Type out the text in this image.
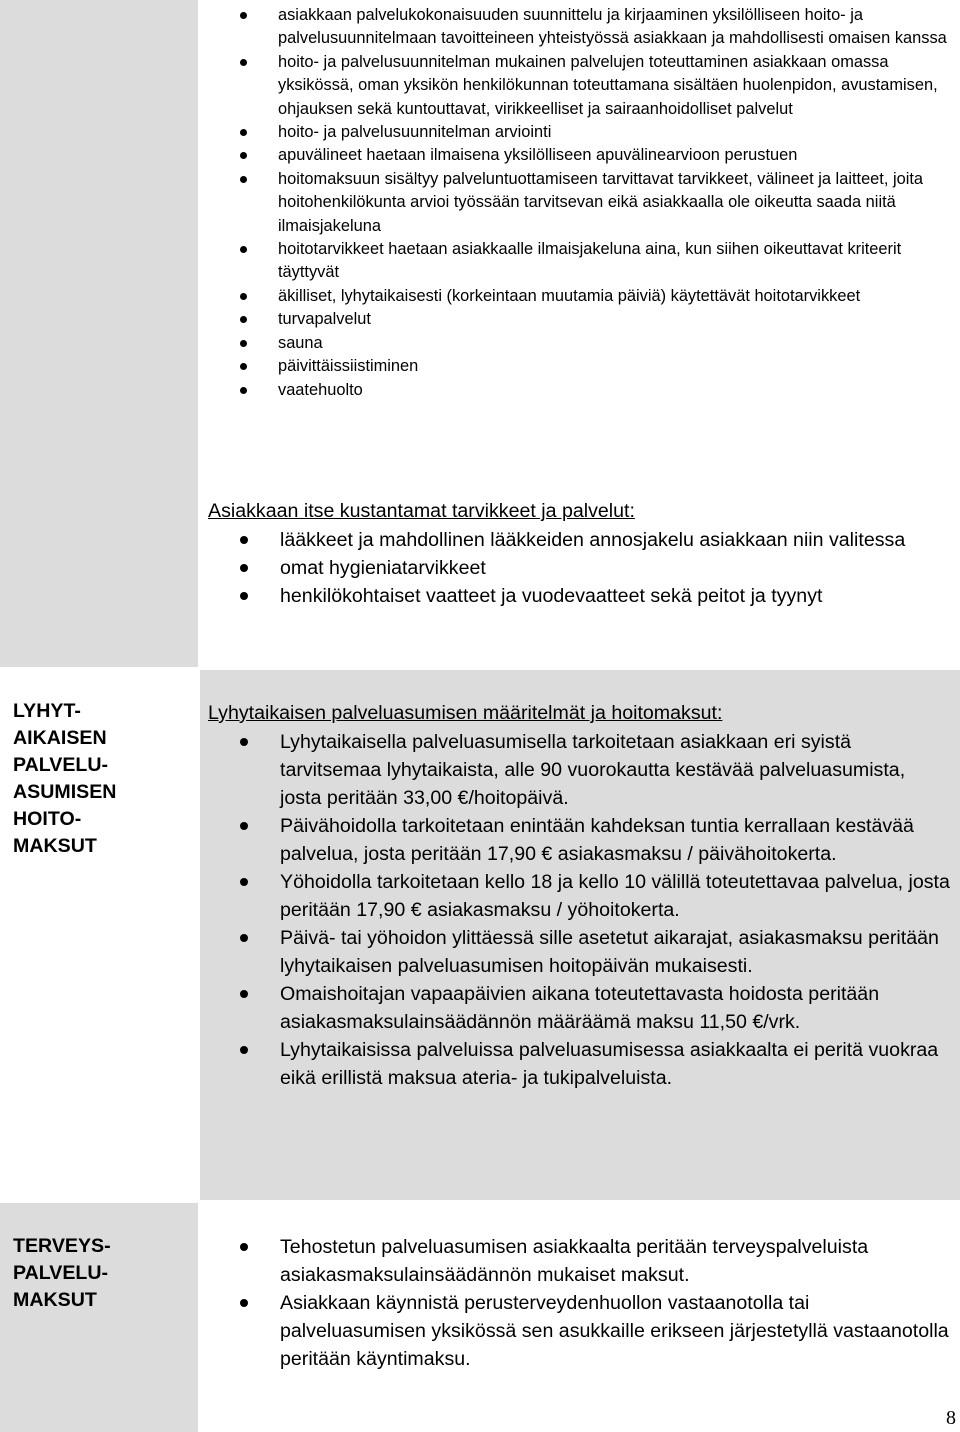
asiakkaan palvelukokonaisuuden suunnittelu ja kirjaaminen yksilölliseen hoito- ja palvelusuunnitelmaan tavoitteineen yhteistyössä asiakkaan ja mahdollisesti omaisen kanssa
hoito- ja palvelusuunnitelman mukainen palvelujen toteuttaminen asiakkaan omassa yksikössä, oman yksikön henkilökunnan toteuttamana sisältäen huolenpidon, avustamisen, ohjauksen sekä kuntouttavat, virikkeelliset ja sairaanhoidolliset palvelut
hoito- ja palvelusuunnitelman arviointi
apuvälineet haetaan ilmaisena yksilölliseen apuvälinearvioon perustuen
hoitomaksuun sisältyy palveluntuottamiseen tarvittavat tarvikkeet, välineet ja laitteet, joita hoitohenkilökunta arvioi työssään tarvitsevan eikä asiakkaalla ole oikeutta saada niitä ilmaisjakeluna
hoitotarvikkeet haetaan asiakkaalle ilmaisjakeluna aina, kun siihen oikeuttavat kriteerit täyttyvät
äkilliset, lyhytaikaisesti (korkeintaan muutamia päiviä) käytettävät hoitotarvikkeet
turvapalvelut
sauna
päivittäissiistiminen
vaatehuolto
Asiakkaan itse kustantamat tarvikkeet ja palvelut:
lääkkeet ja mahdollinen lääkkeiden annosjakelu asiakkaan niin valitessa
omat hygieniatarvikkeet
henkilökohtaiset vaatteet ja vuodevaatteet sekä peitot ja tyynyt
LYHYT-
AIKAISEN
PALVELU-
ASUMISEN
HOITO-
MAKSUT
Lyhytaikaisen palveluasumisen määritelmät ja hoitomaksut:
Lyhytaikaisella palveluasumisella tarkoitetaan asiakkaan eri syistä tarvitsemaa lyhytaikaista, alle 90 vuorokautta kestävää palveluasumista, josta peritään 33,00 €/hoitopäivä.
Päivähoidolla tarkoitetaan enintään kahdeksan tuntia kerrallaan kestävää palvelua, josta peritään 17,90 € asiakasmaksu / päivähoitokerta.
Yöhoidolla tarkoitetaan kello 18 ja kello 10 välillä toteutettavaa palvelua, josta peritään 17,90 € asiakasmaksu / yöhoitokerta.
Päivä- tai yöhoidon ylittäessä sille asetetut aikarajat, asiakasmaksu peritään lyhytaikaisen palveluasumisen hoitopäivän mukaisesti.
Omaishoitajan vapaapäivien aikana toteutettavasta hoidosta peritään asiakasmaksulainsäädännön määräämä maksu 11,50 €/vrk.
Lyhytaikaisissa palveluissa palveluasumisessa asiakkaalta ei peritä vuokraa eikä erillistä maksua ateria- ja tukipalveluista.
TERVEYS-
PALVELU-
MAKSUT
Tehostetun palveluasumisen asiakkaalta peritään terveyspalveluista asiakasmaksulainsäädännön mukaiset maksut.
Asiakkaan käynnistä perusterveydenhuollon vastaanotolla tai palveluasumisen yksikössä sen asukkaille erikseen järjestetyllä vastaanotolla peritään käyntimaksu.
8
